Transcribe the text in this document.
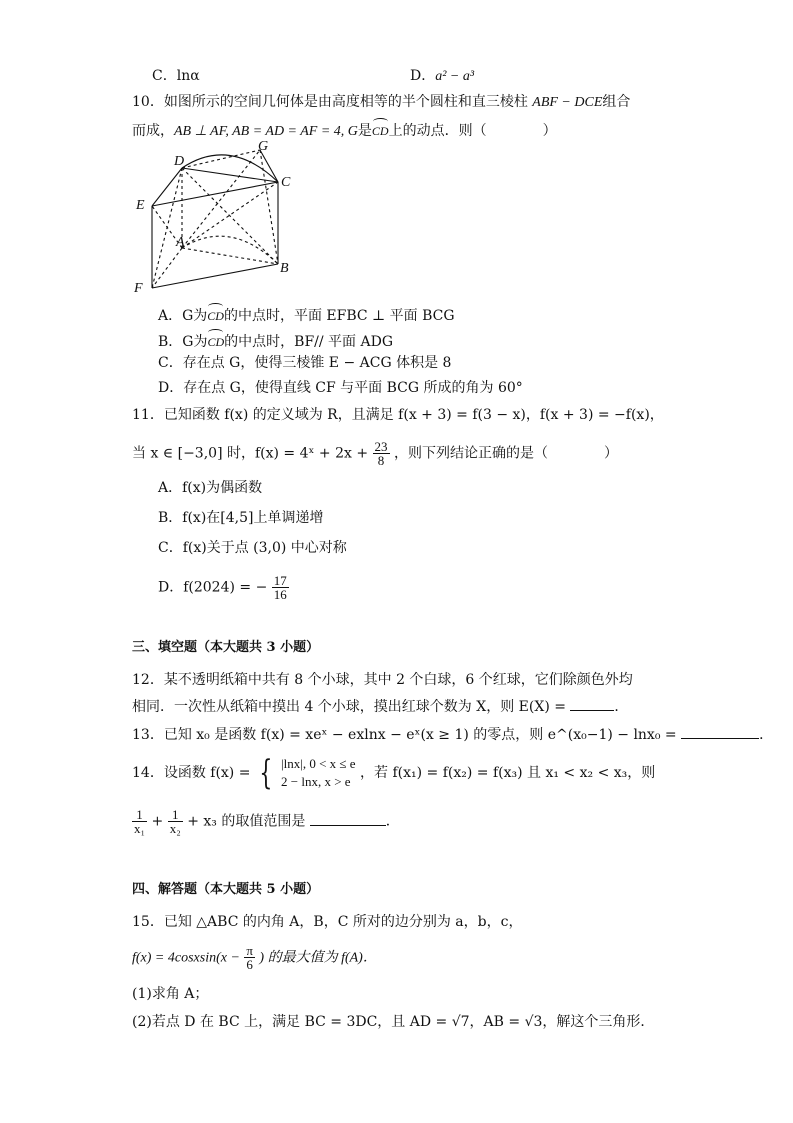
C．lnα	D．a² − a³
10．如图所示的空间几何体是由高度相等的半个圆柱和直三棱柱 ABF − DCE组合
而成，AB ⊥ AF, AB = AD = AF = 4, G是CD上的动点．则（　　　　）
D
G
C
E
A
B
F
A．G为CD的中点时，平面 EFBC ⊥ 平面 BCG
B．G为CD的中点时，BF// 平面 ADG
C．存在点 G，使得三棱锥 E − ACG 体积是 8
D．存在点 G，使得直线 CF 与平面 BCG 所成的角为 60°
11．已知函数 f(x) 的定义域为 R，且满足 f(x + 3) = f(3 − x)，f(x + 3) = −f(x)，
当 x ∈ [−3,0] 时，f(x) = 4ˣ + $2x + \frac{23}{8}$ ，则下列结论正确的是（　　　　）
A．f(x)为偶函数
B．f(x)在[4,5]上单调递增
C．f(x)关于点 (3,0) 中心对称
D．f(2024) = − $\frac{17}{16}$
三、填空题（本大题共 3 小题）
12．某不透明纸箱中共有 8 个小球，其中 2 个白球，6 个红球，它们除颜色外均
相同．一次性从纸箱中摸出 4 个小球，摸出红球个数为 X，则 E(X) =	．
13．已知 x₀ 是函数 f(x) = xeˣ − exlnx − eˣ(x ≥ 1) 的零点，则 e^(x₀−1) − lnx₀ =	．
14．设函数 f(x) = { |lnx|, 0 < x ≤ e
2 − lnx, x > e
，若 f(x₁) = f(x₂) = f(x₃) 且 x₁ < x₂ < x₃，则
$\frac{1}{\text{x₁}} + \frac{1}{\text{x₂}} + x_3$ 的取值范围是	．
四、解答题（本大题共 5 小题）
15．已知 △ABC 的内角 A，B，C 所对的边分别为 a，b，c，
f(x) = 4cosxsin(x − $\frac{\pi}{6}$ ) 的最大值为 f(A)．
(1)求角 A；
(2)若点 D 在 BC 上，满足 BC = 3DC，且 AD = √7，AB = √3，解这个三角形．
